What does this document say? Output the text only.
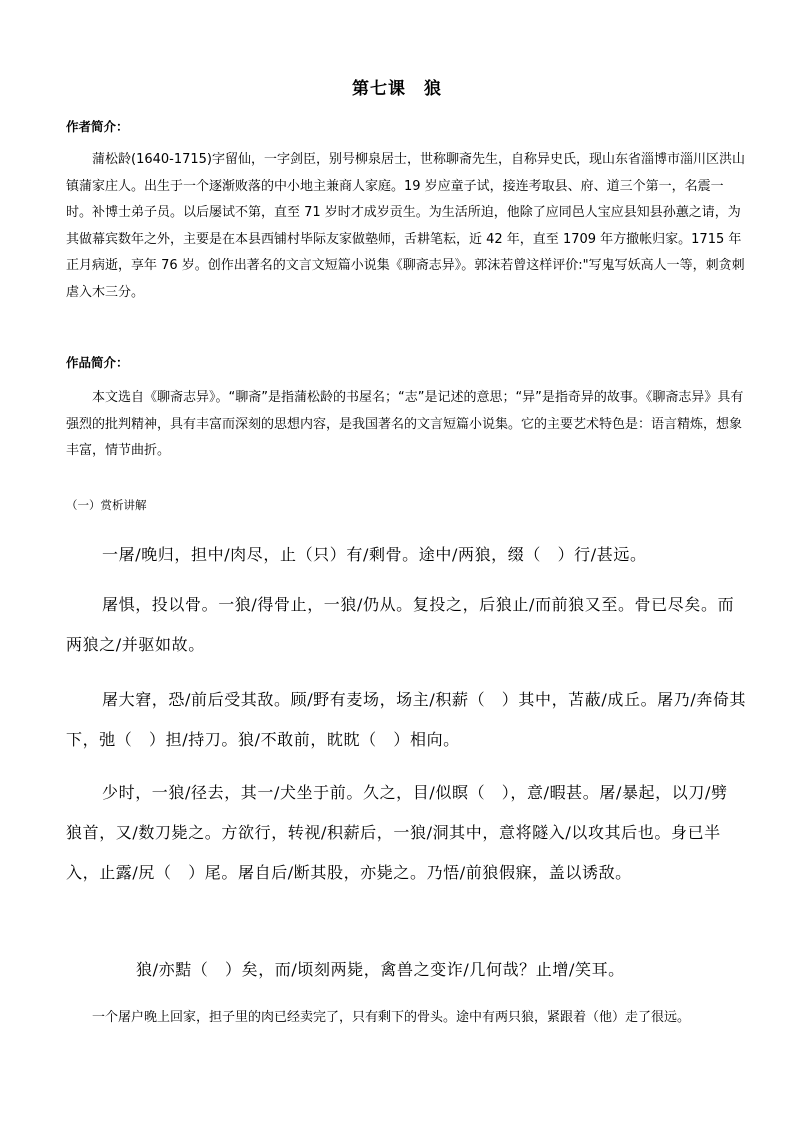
第七课　狼
作者简介：

蒲松龄(1640-1715)字留仙，一字剑臣，别号柳泉居士，世称聊斋先生，自称异史氏，现山东省淄博市淄川区洪山镇蒲家庄人。出生于一个逐渐败落的中小地主兼商人家庭。19 岁应童子试，接连考取县、府、道三个第一，名震一时。补博士弟子员。以后屡试不第，直至 71 岁时才成岁贡生。为生活所迫，他除了应同邑人宝应县知县孙蕙之请，为其做幕宾数年之外，主要是在本县西铺村毕际友家做塾师，舌耕笔耘，近 42 年，直至 1709 年方撤帐归家。1715 年正月病逝，享年 76 岁。创作出著名的文言文短篇小说集《聊斋志异》。郭沫若曾这样评价:"写鬼写妖高人一等，刺贪刺虐入木三分。

作品简介：

本文选自《聊斋志异》。“聊斋”是指蒲松龄的书屋名；“志”是记述的意思；“异”是指奇异的故事。《聊斋志异》具有强烈的批判精神，具有丰富而深刻的思想内容，是我国著名的文言短篇小说集。它的主要艺术特色是：语言精炼，想象丰富，情节曲折。

（一）赏析讲解

一屠/晚归，担中/肉尽，止（只）有/剩骨。途中/两狼，缀（　）行/甚远。

屠惧，投以骨。一狼/得骨止，一狼/仍从。复投之，后狼止/而前狼又至。骨已尽矣。而两狼之/并驱如故。

屠大窘，恐/前后受其敌。顾/野有麦场，场主/积薪（　）其中，苫蔽/成丘。屠乃/奔倚其下，弛（　）担/持刀。狼/不敢前，眈眈（　）相向。

少时，一狼/径去，其一/犬坐于前。久之，目/似瞑（　），意/暇甚。屠/暴起，以刀/劈狼首，又/数刀毙之。方欲行，转视/积薪后，一狼/洞其中，意将隧入/以攻其后也。身已半入，止露/尻（　）尾。屠自后/断其股，亦毙之。乃悟/前狼假寐，盖以诱敌。

狼/亦黠（　）矣，而/顷刻两毙，禽兽之变诈/几何哉？止增/笑耳。

一个屠户晚上回家，担子里的肉已经卖完了，只有剩下的骨头。途中有两只狼，紧跟着（他）走了很远。
